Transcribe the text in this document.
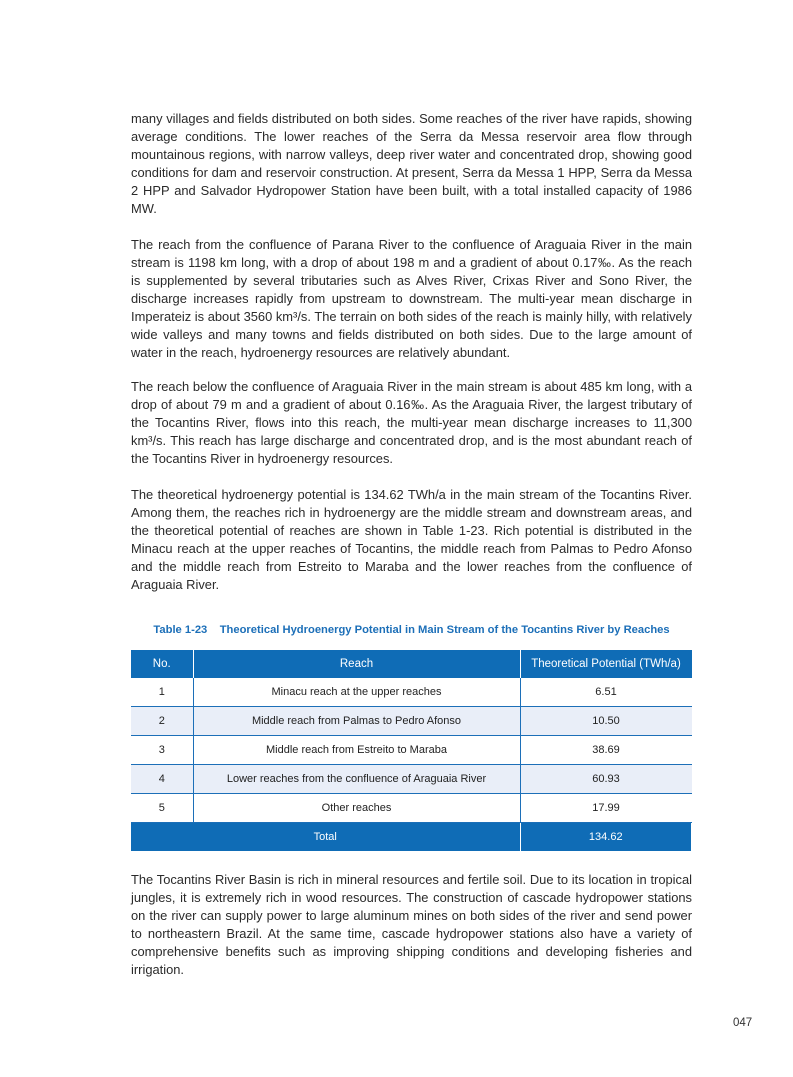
many villages and fields distributed on both sides. Some reaches of the river have rapids, showing average conditions. The lower reaches of the Serra da Messa reservoir area flow through mountainous regions, with narrow valleys, deep river water and concentrated drop, showing good conditions for dam and reservoir construction. At present, Serra da Messa 1 HPP, Serra da Messa 2 HPP and Salvador Hydropower Station have been built, with a total installed capacity of 1986 MW.

The reach from the confluence of Parana River to the confluence of Araguaia River in the main stream is 1198 km long, with a drop of about 198 m and a gradient of about 0.17‰. As the reach is supplemented by several tributaries such as Alves River, Crixas River and Sono River, the discharge increases rapidly from upstream to downstream. The multi-year mean discharge in Imperateiz is about 3560 km³/s. The terrain on both sides of the reach is mainly hilly, with relatively wide valleys and many towns and fields distributed on both sides. Due to the large amount of water in the reach, hydroenergy resources are relatively abundant.

The reach below the confluence of Araguaia River in the main stream is about 485 km long, with a drop of about 79 m and a gradient of about 0.16‰. As the Araguaia River, the largest tributary of the Tocantins River, flows into this reach, the multi-year mean discharge increases to 11,300 km³/s. This reach has large discharge and concentrated drop, and is the most abundant reach of the Tocantins River in hydroenergy resources.

The theoretical hydroenergy potential is 134.62 TWh/a in the main stream of the Tocantins River. Among them, the reaches rich in hydroenergy are the middle stream and downstream areas, and the theoretical potential of reaches are shown in Table 1-23. Rich potential is distributed in the Minacu reach at the upper reaches of Tocantins, the middle reach from Palmas to Pedro Afonso and the middle reach from Estreito to Maraba and the lower reaches from the confluence of Araguaia River.

Table 1-23    Theoretical Hydroenergy Potential in Main Stream of the Tocantins River by Reaches
No.	Reach	Theoretical Potential (TWh/a)
1	Minacu reach at the upper reaches	6.51
2	Middle reach from Palmas to Pedro Afonso	10.50
3	Middle reach from Estreito to Maraba	38.69
4	Lower reaches from the confluence of Araguaia River	60.93
5	Other reaches	17.99
Total		134.62

The Tocantins River Basin is rich in mineral resources and fertile soil. Due to its location in tropical jungles, it is extremely rich in wood resources. The construction of cascade hydropower stations on the river can supply power to large aluminum mines on both sides of the river and send power to northeastern Brazil. At the same time, cascade hydropower stations also have a variety of comprehensive benefits such as improving shipping conditions and developing fisheries and irrigation.

047
